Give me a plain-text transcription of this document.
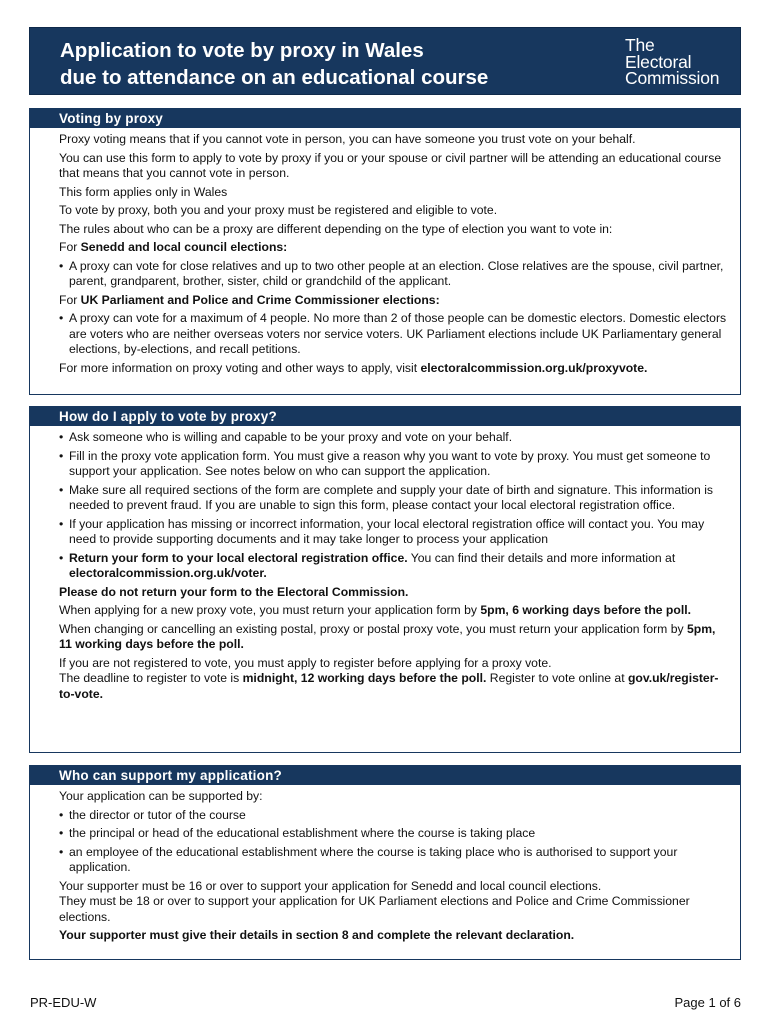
Application to vote by proxy in Wales
due to attendance on an educational course
The
Electoral
Commission
Voting by proxy

Proxy voting means that if you cannot vote in person, you can have someone you trust vote on your behalf.

You can use this form to apply to vote by proxy if you or your spouse or civil partner will be attending an educational course that means that you cannot vote in person.

This form applies only in Wales

To vote by proxy, both you and your proxy must be registered and eligible to vote.

The rules about who can be a proxy are different depending on the type of election you want to vote in:

For Senedd and local council elections:

• A proxy can vote for close relatives and up to two other people at an election. Close relatives are the spouse, civil partner, parent, grandparent, brother, sister, child or grandchild of the applicant.

For UK Parliament and Police and Crime Commissioner elections:

• A proxy can vote for a maximum of 4 people. No more than 2 of those people can be domestic electors. Domestic electors are voters who are neither overseas voters nor service voters. UK Parliament elections include UK Parliamentary general elections, by-elections, and recall petitions.

For more information on proxy voting and other ways to apply, visit electoralcommission.org.uk/proxyvote.

How do I apply to vote by proxy?
• Ask someone who is willing and capable to be your proxy and vote on your behalf.
• Fill in the proxy vote application form. You must give a reason why you want to vote by proxy. You must get someone to support your application. See notes below on who can support the application.
• Make sure all required sections of the form are complete and supply your date of birth and signature. This information is needed to prevent fraud. If you are unable to sign this form, please contact your local electoral registration office.
• If your application has missing or incorrect information, your local electoral registration office will contact you. You may need to provide supporting documents and it may take longer to process your application
• Return your form to your local electoral registration office. You can find their details and more information at electoralcommission.org.uk/voter.

Please do not return your form to the Electoral Commission.

When applying for a new proxy vote, you must return your application form by 5pm, 6 working days before the poll.

When changing or cancelling an existing postal, proxy or postal proxy vote, you must return your application form by 5pm, 11 working days before the poll.

If you are not registered to vote, you must apply to register before applying for a proxy vote.

The deadline to register to vote is midnight, 12 working days before the poll. Register to vote online at gov.uk/register-to-vote.

Who can support my application?

Your application can be supported by:

• the director or tutor of the course
• the principal or head of the educational establishment where the course is taking place
• an employee of the educational establishment where the course is taking place who is authorised to support your application.

Your supporter must be 16 or over to support your application for Senedd and local council elections.

They must be 18 or over to support your application for UK Parliament elections and Police and Crime Commissioner elections.

Your supporter must give their details in section 8 and complete the relevant declaration.

PR-EDU-W	Page 1 of 6
